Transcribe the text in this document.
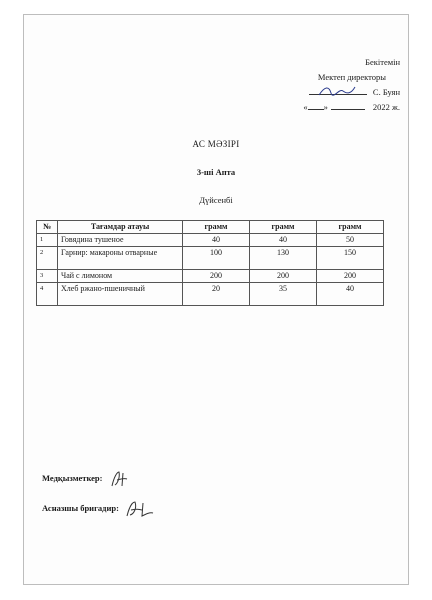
Бекітемін
Мектеп директоры
С. Буян
« »	2022 ж.
АС МӘЗІРІ
3-ші Апта
Дүйсенбі
№	Тағамдар атауы	грамм	грамм	грамм
1	Говядина тушеное	40	40	50
2	Гарнир: макароны отварные	100	130	150
3	Чай с лимоном	200	200	200
4	Хлеб ржано-пшеничный	20	35	40
Медқызметкер:
Асназшы бригадир:
